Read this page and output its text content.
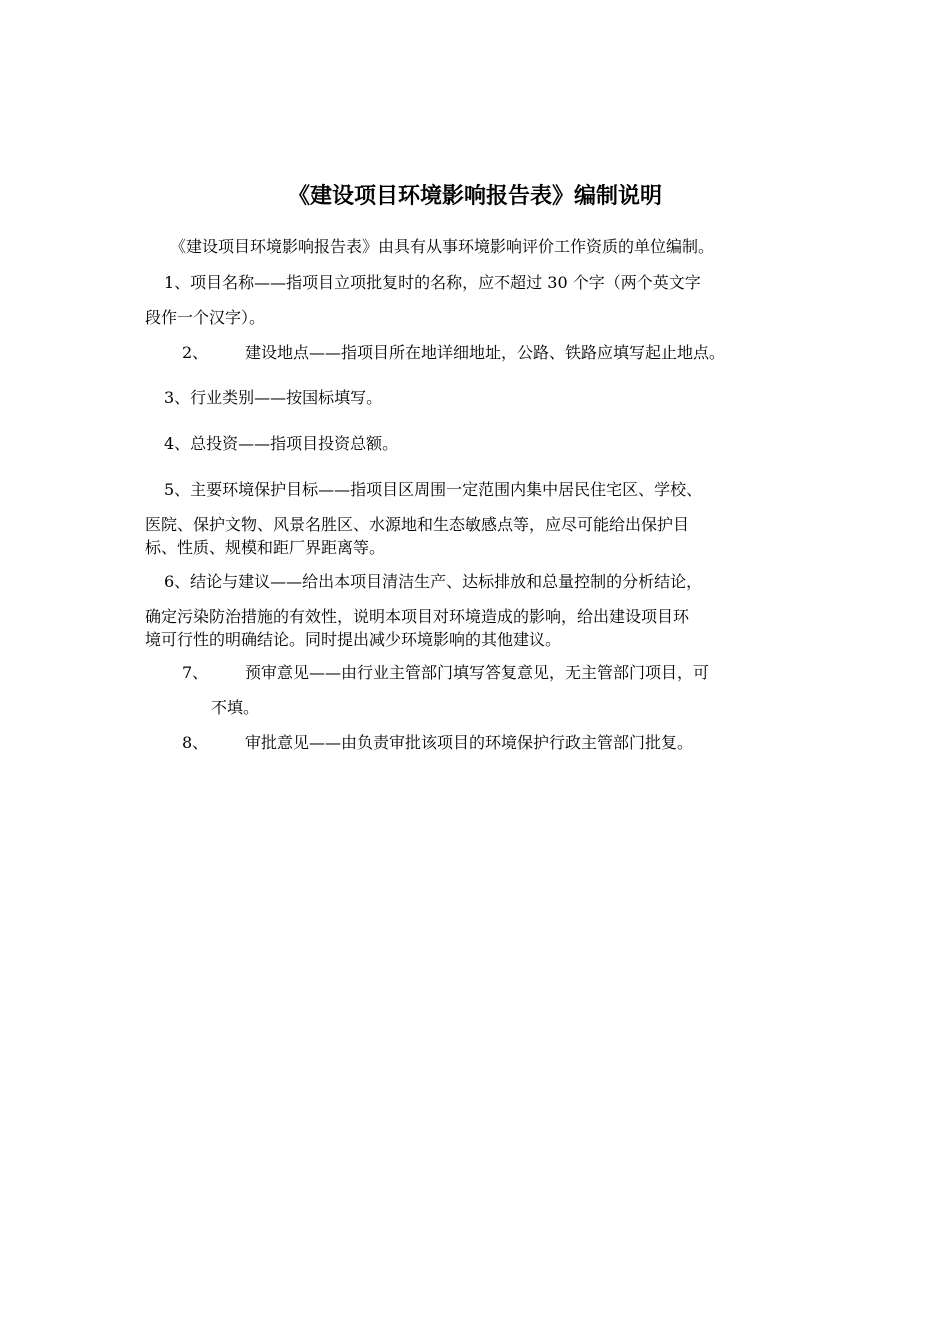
《建设项目环境影响报告表》编制说明
《建设项目环境影响报告表》由具有从事环境影响评价工作资质的单位编制。
1、项目名称——指项目立项批复时的名称，应不超过 30 个字（两个英文字
段作一个汉字）。
2、 建设地点——指项目所在地详细地址，公路、铁路应填写起止地点。
3、行业类别——按国标填写。
4、总投资——指项目投资总额。
5、主要环境保护目标——指项目区周围一定范围内集中居民住宅区、学校、
医院、保护文物、风景名胜区、水源地和生态敏感点等，应尽可能给出保护目
标、性质、规模和距厂界距离等。
6、结论与建议——给出本项目清洁生产、达标排放和总量控制的分析结论，
确定污染防治措施的有效性，说明本项目对环境造成的影响，给出建设项目环
境可行性的明确结论。同时提出减少环境影响的其他建议。
7、 预审意见——由行业主管部门填写答复意见，无主管部门项目，可
不填。
8、 审批意见——由负责审批该项目的环境保护行政主管部门批复。
